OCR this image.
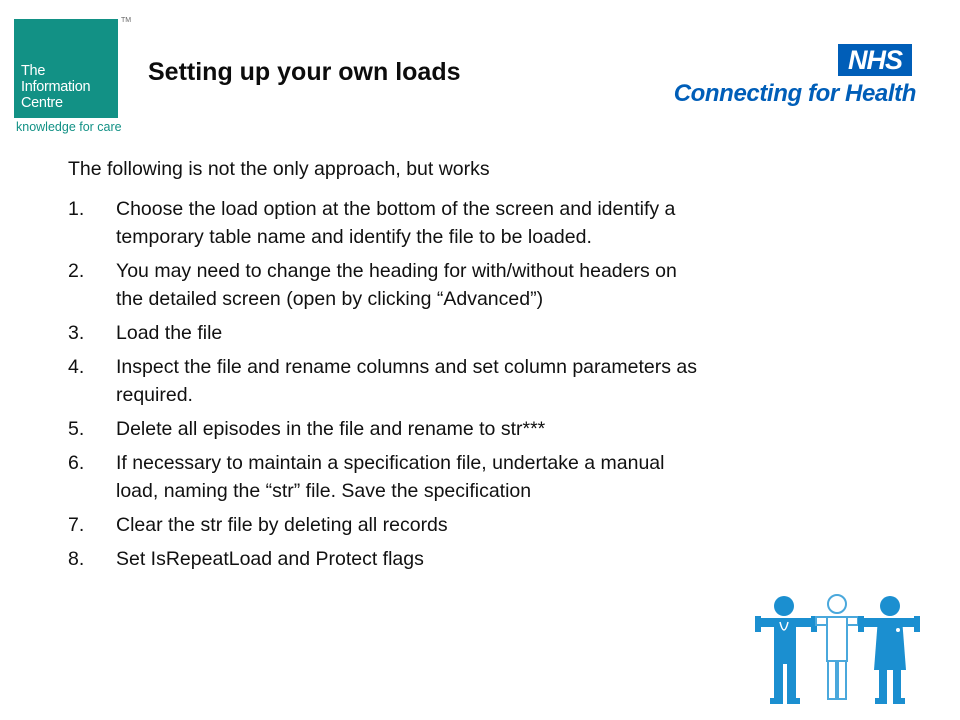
The
Information
Centre
TM
knowledge for care
Setting up your own loads	NHS
Connecting for Health
The following is not the only approach, but works
1.	Choose the load option at the bottom of the screen and identify a
temporary table name and identify the file to be loaded.
2.	You may need to change the heading for with/without headers on
the detailed screen (open by clicking “Advanced”)
3.	Load the file
4.	Inspect the file and rename columns and set column parameters as
required.
5.	Delete all episodes in the file and rename to str***
6.	If necessary to maintain a specification file, undertake a manual
load, naming the “str” file. Save the specification
7.	Clear the str file by deleting all records
8.	Set IsRepeatLoad and Protect flags
